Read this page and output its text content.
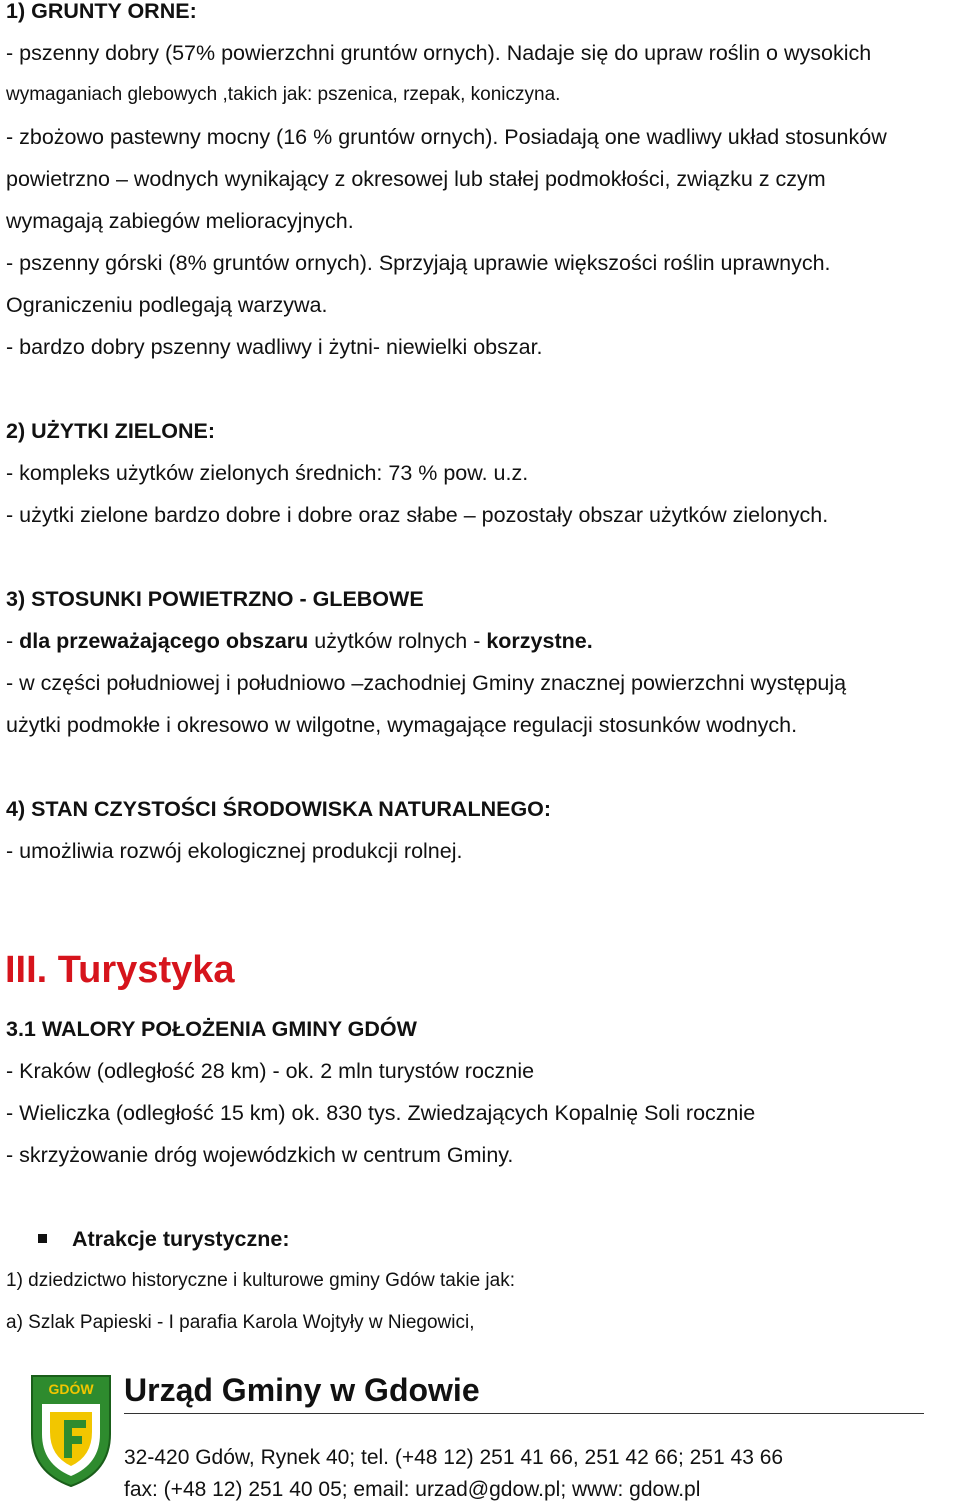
1) GRUNTY ORNE:
- pszenny dobry (57% powierzchni gruntów ornych). Nadaje się do upraw roślin o wysokich
wymaganiach glebowych ,takich jak: pszenica, rzepak, koniczyna.
- zbożowo pastewny mocny (16 % gruntów ornych). Posiadają one wadliwy układ stosunków
powietrzno – wodnych wynikający z okresowej lub stałej podmokłości, związku z czym
wymagają zabiegów melioracyjnych.
- pszenny górski (8% gruntów ornych). Sprzyjają uprawie większości roślin uprawnych.
Ograniczeniu podlegają warzywa.
- bardzo dobry pszenny wadliwy i żytni- niewielki obszar.
2) UŻYTKI ZIELONE:
- kompleks użytków zielonych średnich: 73 % pow. u.z.
- użytki zielone bardzo dobre i dobre oraz słabe – pozostały obszar użytków zielonych.
3) STOSUNKI POWIETRZNO - GLEBOWE
- dla przeważającego obszaru użytków rolnych - korzystne.
- w części południowej i południowo –zachodniej Gminy znacznej powierzchni występują
użytki podmokłe i okresowo w wilgotne, wymagające regulacji stosunków wodnych.
4) STAN CZYSTOŚCI ŚRODOWISKA NATURALNEGO:
- umożliwia rozwój ekologicznej produkcji rolnej.
III. Turystyka
3.1 WALORY POŁOŻENIA GMINY GDÓW
- Kraków (odległość 28 km) - ok. 2 mln turystów rocznie
- Wieliczka (odległość 15 km) ok. 830 tys. Zwiedzających Kopalnię Soli rocznie
- skrzyżowanie dróg wojewódzkich w centrum Gminy.
Atrakcje turystyczne:
1) dziedzictwo historyczne i kulturowe gminy Gdów takie jak:
a) Szlak Papieski - I parafia Karola Wojtyły w Niegowici,
GDÓW Urząd Gminy w Gdowie
32-420 Gdów, Rynek 40; tel. (+48 12) 251 41 66, 251 42 66; 251 43 66
fax: (+48 12) 251 40 05; email: urzad@gdow.pl; www: gdow.pl
